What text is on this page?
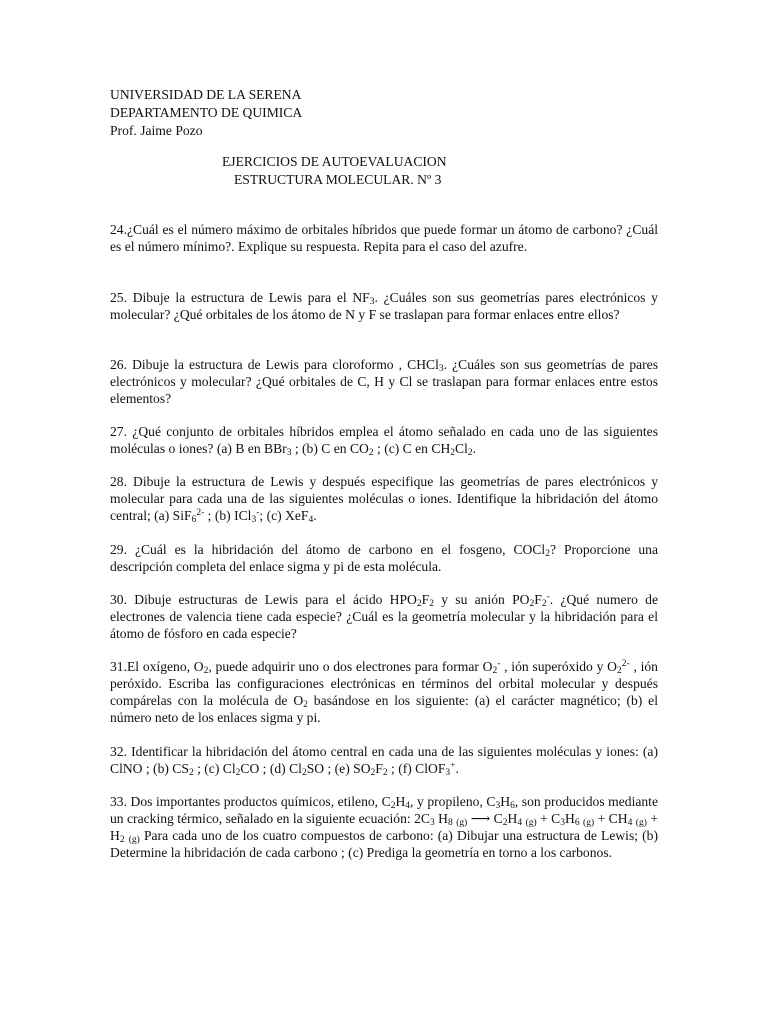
UNIVERSIDAD DE LA SERENA
DEPARTAMENTO DE QUIMICA
Prof. Jaime Pozo
EJERCICIOS DE AUTOEVALUACION
ESTRUCTURA MOLECULAR. Nº 3

24.¿Cuál es el número máximo de orbitales híbridos que puede formar un átomo de carbono? ¿Cuál es el número mínimo?. Explique su respuesta. Repita para el caso del azufre.

25. Dibuje la estructura de Lewis para el $NF_3$. ¿Cuáles son sus geometrías pares electrónicos y molecular? ¿Qué orbitales de los átomo de N y F se traslapan para formar enlaces entre ellos?

26. Dibuje la estructura de Lewis para cloroformo , CHCl$_3$. ¿Cuáles son sus geometrías de pares electrónicos y molecular? ¿Qué orbitales de C, H y Cl se traslapan para formar enlaces entre estos elementos?

27. ¿Qué conjunto de orbitales híbridos emplea el átomo señalado en cada uno de las siguientes moléculas o iones? (a) B en BBr$_3$ ; (b) C en $CO_2$ ; (c) C en $CH_2Cl_2$.

28. Dibuje la estructura de Lewis y después especifique las geometrías de pares electrónicos y molecular para cada una de las siguientes moléculas o iones. Identifique la hibridación del átomo central; (a) SiF$_6^{2-}$ ; (b) ICl$_3$-; (c) XeF$_4$.

29. ¿Cuál es la hibridación del átomo de carbono en el fosgeno, COCl$_2$? Proporcione una descripción completa del enlace sigma y pi de esta molécula.

30. Dibuje estructuras de Lewis para el ácido $HPO_2F_2$ y su anión $PO_2F_2^-$. ¿Qué numero de electrones de valencia tiene cada especie? ¿Cuál es la geometría molecular y la hibridación para el átomo de fósforo en cada especie?

31.El oxígeno, $O_2$, puede adquirir uno o dos electrones para formar $O_2^-$ , ión superóxido y $O_2^{2-}$ , ión peróxido. Escriba las configuraciones electrónicas en términos del orbital molecular y después compárelas con la molécula de $O_2$ basándose en los siguiente: (a) el carácter magnético; (b) el número neto de los enlaces sigma y pi.

32. Identificar la hibridación del átomo central en cada una de las siguientes moléculas y iones: (a) ClNO ; (b) $CS_2$ ; (c) $Cl_2CO$ ; (d) $Cl_2SO$ ; (e) $SO_2F_2$ ; (f) ClOF$_3$+.

33. Dos importantes productos químicos, etileno, $C_2H_4$, y propileno, $C_3H_6$, son producidos mediante un cracking térmico, señalado en la siguiente ecuación: $2C_3$ $H_8$ $_{(g)}$ ⟶ $C_2H_4$ $_{(g)} + C_3H_6$ $_{(g)} + CH_4$ $_{(g)} + H_2$ $_{(g)}$ Para cada uno de los cuatro compuestos de carbono: (a) Dibujar una estructura de Lewis; (b) Determine la hibridación de cada carbono ; (c) Prediga la geometría en torno a los carbonos.
